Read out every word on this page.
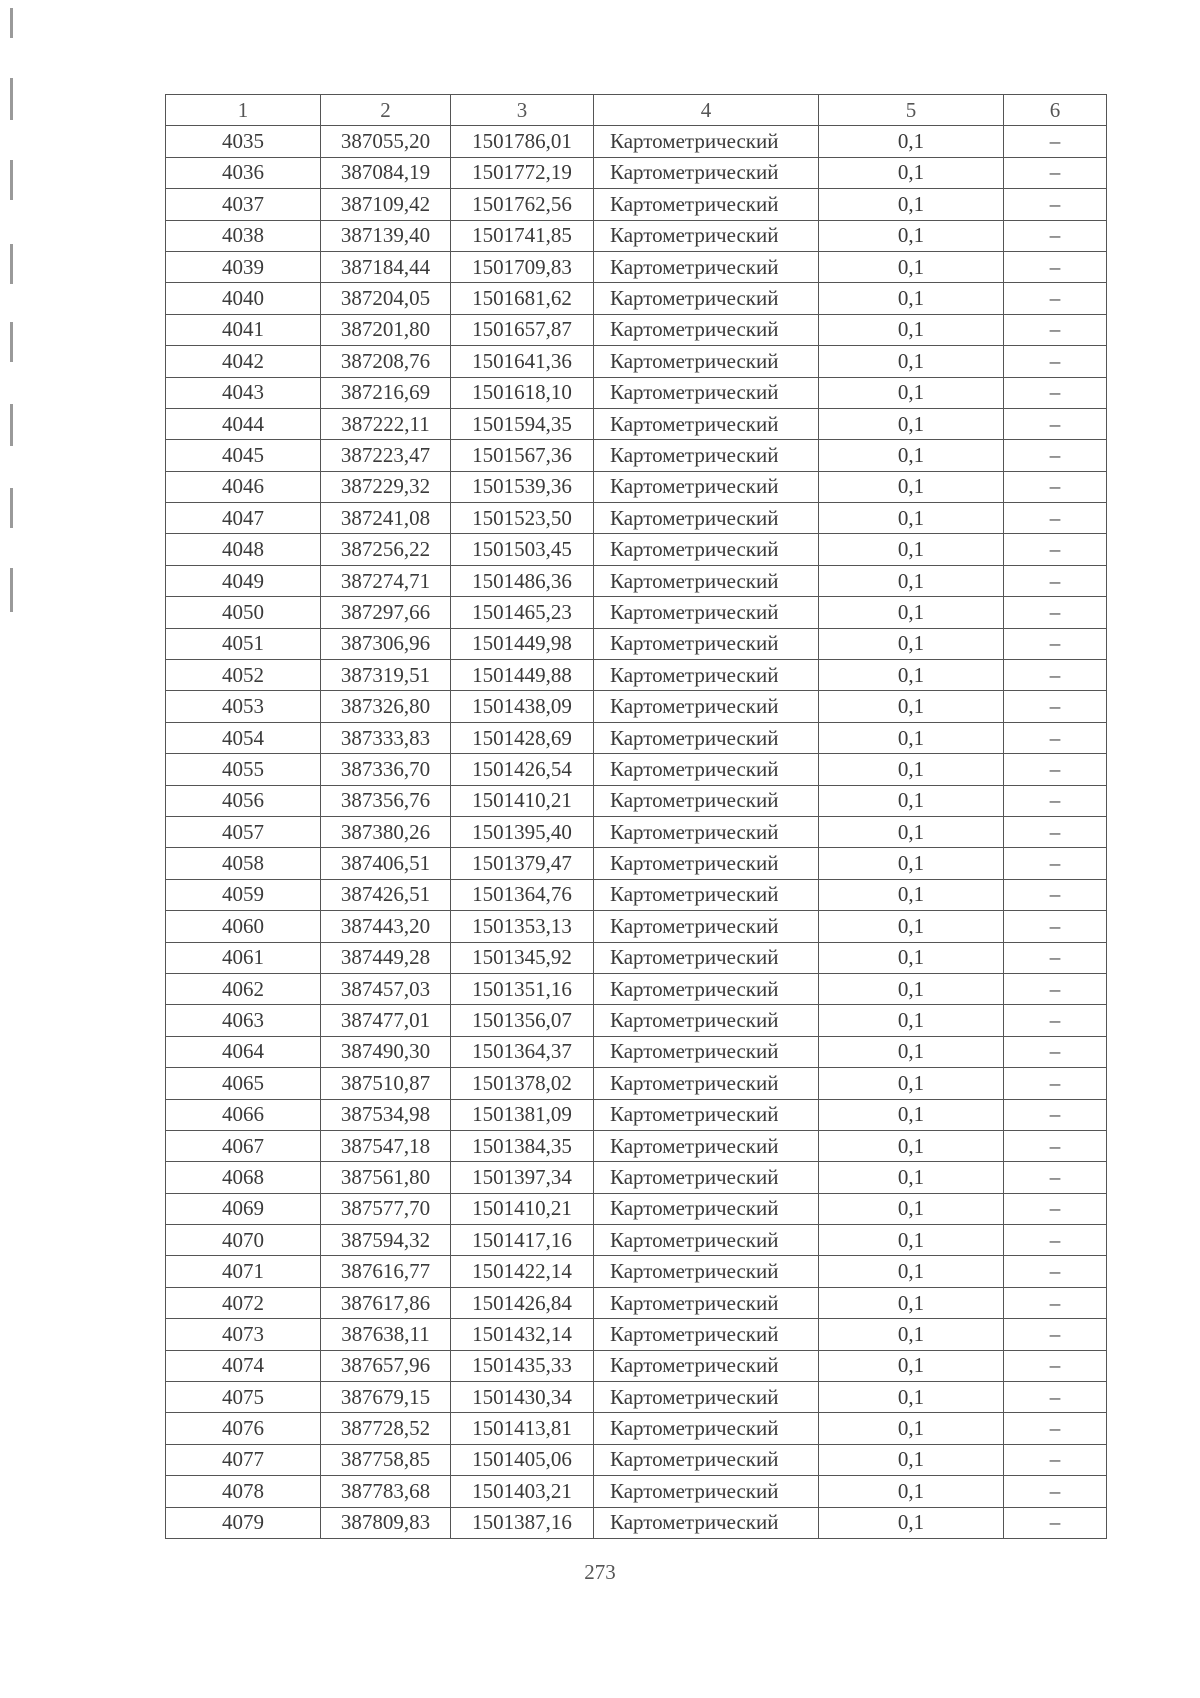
1	2	3	4	5	6
4035	387055,20	1501786,01	Картометрический	0,1	–
4036	387084,19	1501772,19	Картометрический	0,1	–
4037	387109,42	1501762,56	Картометрический	0,1	–
4038	387139,40	1501741,85	Картометрический	0,1	–
4039	387184,44	1501709,83	Картометрический	0,1	–
4040	387204,05	1501681,62	Картометрический	0,1	–
4041	387201,80	1501657,87	Картометрический	0,1	–
4042	387208,76	1501641,36	Картометрический	0,1	–
4043	387216,69	1501618,10	Картометрический	0,1	–
4044	387222,11	1501594,35	Картометрический	0,1	–
4045	387223,47	1501567,36	Картометрический	0,1	–
4046	387229,32	1501539,36	Картометрический	0,1	–
4047	387241,08	1501523,50	Картометрический	0,1	–
4048	387256,22	1501503,45	Картометрический	0,1	–
4049	387274,71	1501486,36	Картометрический	0,1	–
4050	387297,66	1501465,23	Картометрический	0,1	–
4051	387306,96	1501449,98	Картометрический	0,1	–
4052	387319,51	1501449,88	Картометрический	0,1	–
4053	387326,80	1501438,09	Картометрический	0,1	–
4054	387333,83	1501428,69	Картометрический	0,1	–
4055	387336,70	1501426,54	Картометрический	0,1	–
4056	387356,76	1501410,21	Картометрический	0,1	–
4057	387380,26	1501395,40	Картометрический	0,1	–
4058	387406,51	1501379,47	Картометрический	0,1	–
4059	387426,51	1501364,76	Картометрический	0,1	–
4060	387443,20	1501353,13	Картометрический	0,1	–
4061	387449,28	1501345,92	Картометрический	0,1	–
4062	387457,03	1501351,16	Картометрический	0,1	–
4063	387477,01	1501356,07	Картометрический	0,1	–
4064	387490,30	1501364,37	Картометрический	0,1	–
4065	387510,87	1501378,02	Картометрический	0,1	–
4066	387534,98	1501381,09	Картометрический	0,1	–
4067	387547,18	1501384,35	Картометрический	0,1	–
4068	387561,80	1501397,34	Картометрический	0,1	–
4069	387577,70	1501410,21	Картометрический	0,1	–
4070	387594,32	1501417,16	Картометрический	0,1	–
4071	387616,77	1501422,14	Картометрический	0,1	–
4072	387617,86	1501426,84	Картометрический	0,1	–
4073	387638,11	1501432,14	Картометрический	0,1	–
4074	387657,96	1501435,33	Картометрический	0,1	–
4075	387679,15	1501430,34	Картометрический	0,1	–
4076	387728,52	1501413,81	Картометрический	0,1	–
4077	387758,85	1501405,06	Картометрический	0,1	–
4078	387783,68	1501403,21	Картометрический	0,1	–
4079	387809,83	1501387,16	Картометрический	0,1	–
273
